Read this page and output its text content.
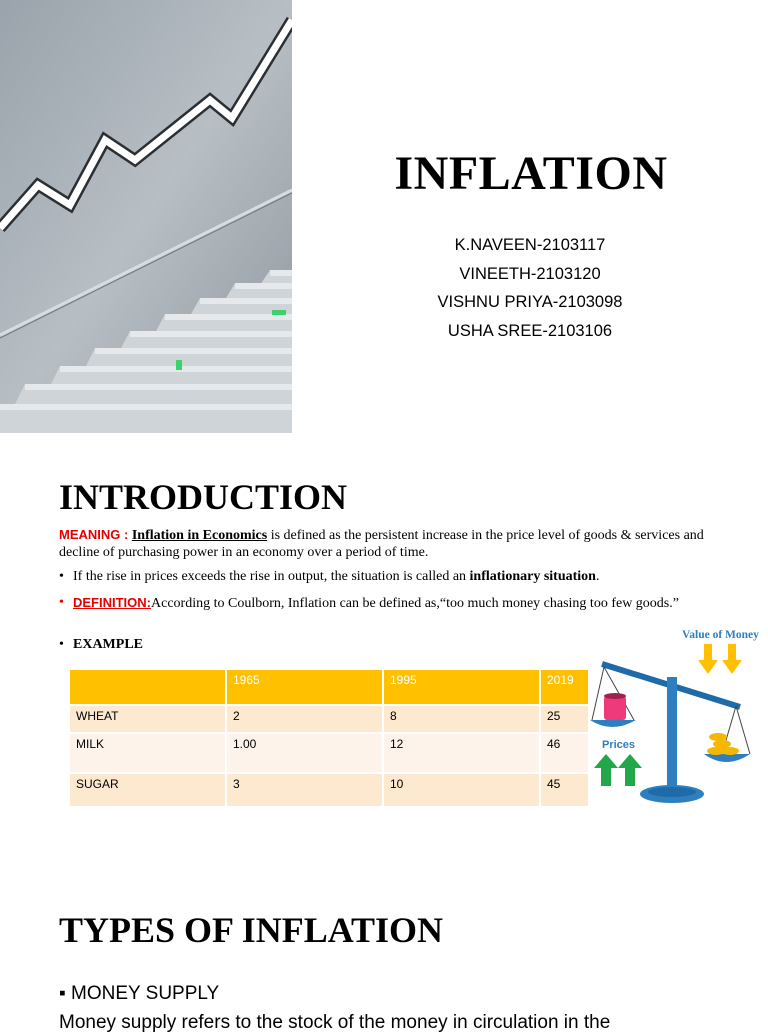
INFLATION
K.NAVEEN-2103117
VINEETH-2103120
VISHNU PRIYA-2103098
USHA SREE-2103106
INTRODUCTION
MEANING : Inflation in Economics is defined as the persistent increase in the price level of goods & services and decline of purchasing power in an economy over a period of time.
• If the rise in prices exceeds the rise in output, the situation is called an inflationary situation.
• DEFINITION:According to Coulborn, Inflation can be defined as,“too much money chasing too few goods.”
• EXAMPLE
	1965	1995	2019
WHEAT	2	8	25
MILK	1.00	12	46
SUGAR	3	10	45
Value of Money
Prices
TYPES OF INFLATION
▪ MONEY SUPPLY
Money supply refers to the stock of the money in circulation in the
